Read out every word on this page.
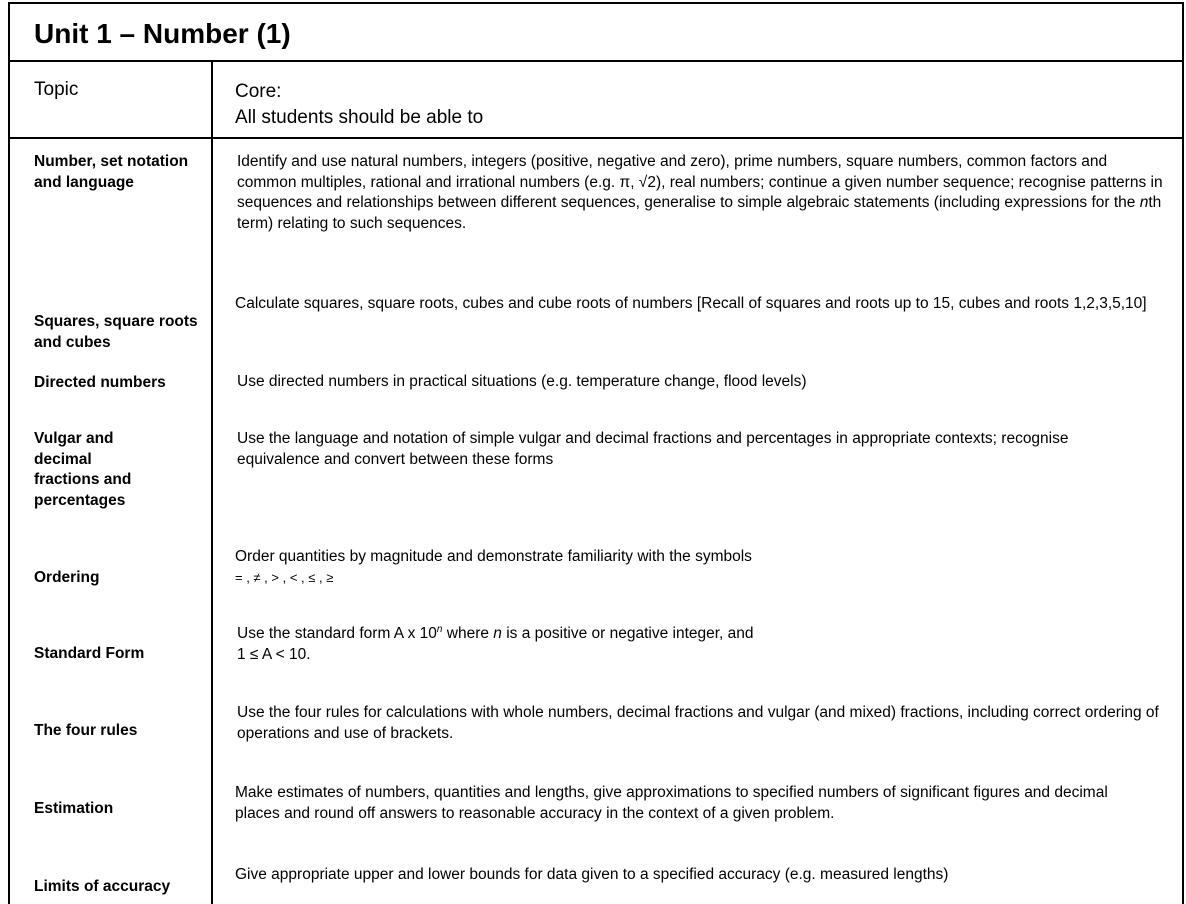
Unit 1 – Number (1)
Topic	Core:
All students should be able to
Number, set notation and language
Identify and use natural numbers, integers (positive, negative and zero), prime numbers, square numbers, common factors and common multiples, rational and irrational numbers (e.g. π, √2), real numbers; continue a given number sequence; recognise patterns in sequences and relationships between different sequences, generalise to simple algebraic statements (including expressions for the nth term) relating to such sequences.
Squares, square roots and cubes
Calculate squares, square roots, cubes and cube roots of numbers [Recall of squares and roots up to 15, cubes and roots 1,2,3,5,10]
Directed numbers	Use directed numbers in practical situations (e.g. temperature change, flood levels)
Vulgar and decimal fractions and percentages
Use the language and notation of simple vulgar and decimal fractions and percentages in appropriate contexts; recognise equivalence and convert between these forms
Ordering
Order quantities by magnitude and demonstrate familiarity with the symbols
= , ≠ , > , < , ≤ , ≥
Standard Form
Use the standard form A x 10$^n$ where n is a positive or negative integer, and
1 ≤ A < 10.
The four rules
Use the four rules for calculations with whole numbers, decimal fractions and vulgar (and mixed) fractions, including correct ordering of operations and use of brackets.
Estimation
Make estimates of numbers, quantities and lengths, give approximations to specified numbers of significant figures and decimal places and round off answers to reasonable accuracy in the context of a given problem.
Limits of accuracy
Give appropriate upper and lower bounds for data given to a specified accuracy (e.g. measured lengths)
